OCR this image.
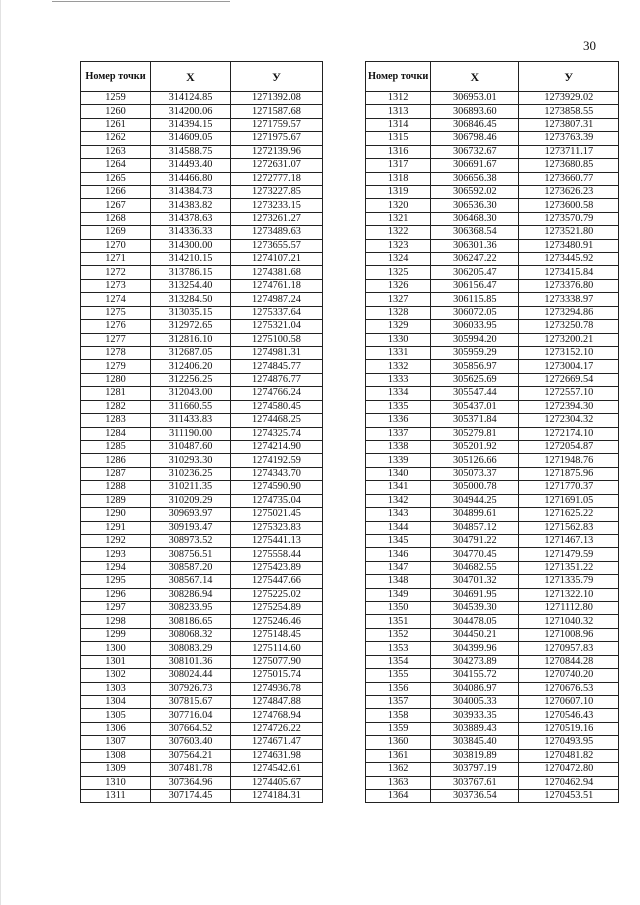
30
Номер точки	X	У
1259	314124.85	1271392.08
1260	314200.06	1271587.68
1261	314394.15	1271759.57
1262	314609.05	1271975.67
1263	314588.75	1272139.96
1264	314493.40	1272631.07
1265	314466.80	1272777.18
1266	314384.73	1273227.85
1267	314383.82	1273233.15
1268	314378.63	1273261.27
1269	314336.33	1273489.63
1270	314300.00	1273655.57
1271	314210.15	1274107.21
1272	313786.15	1274381.68
1273	313254.40	1274761.18
1274	313284.50	1274987.24
1275	313035.15	1275337.64
1276	312972.65	1275321.04
1277	312816.10	1275100.58
1278	312687.05	1274981.31
1279	312406.20	1274845.77
1280	312256.25	1274876.77
1281	312043.00	1274766.24
1282	311660.55	1274580.45
1283	311433.83	1274468.25
1284	311190.00	1274325.74
1285	310487.60	1274214.90
1286	310293.30	1274192.59
1287	310236.25	1274343.70
1288	310211.35	1274590.90
1289	310209.29	1274735.04
1290	309693.97	1275021.45
1291	309193.47	1275323.83
1292	308973.52	1275441.13
1293	308756.51	1275558.44
1294	308587.20	1275423.89
1295	308567.14	1275447.66
1296	308286.94	1275225.02
1297	308233.95	1275254.89
1298	308186.65	1275246.46
1299	308068.32	1275148.45
1300	308083.29	1275114.60
1301	308101.36	1275077.90
1302	308024.44	1275015.74
1303	307926.73	1274936.78
1304	307815.67	1274847.88
1305	307716.04	1274768.94
1306	307664.52	1274726.22
1307	307603.40	1274671.47
1308	307564.21	1274631.98
1309	307481.78	1274542.61
1310	307364.96	1274405.67
1311	307174.45	1274184.31
Номер точки	X	У
1312	306953.01	1273929.02
1313	306893.60	1273858.55
1314	306846.45	1273807.31
1315	306798.46	1273763.39
1316	306732.67	1273711.17
1317	306691.67	1273680.85
1318	306656.38	1273660.77
1319	306592.02	1273626.23
1320	306536.30	1273600.58
1321	306468.30	1273570.79
1322	306368.54	1273521.80
1323	306301.36	1273480.91
1324	306247.22	1273445.92
1325	306205.47	1273415.84
1326	306156.47	1273376.80
1327	306115.85	1273338.97
1328	306072.05	1273294.86
1329	306033.95	1273250.78
1330	305994.20	1273200.21
1331	305959.29	1273152.10
1332	305856.97	1273004.17
1333	305625.69	1272669.54
1334	305547.44	1272557.10
1335	305437.01	1272394.30
1336	305371.84	1272304.32
1337	305279.81	1272174.10
1338	305201.92	1272054.87
1339	305126.66	1271948.76
1340	305073.37	1271875.96
1341	305000.78	1271770.37
1342	304944.25	1271691.05
1343	304899.61	1271625.22
1344	304857.12	1271562.83
1345	304791.22	1271467.13
1346	304770.45	1271479.59
1347	304682.55	1271351.22
1348	304701.32	1271335.79
1349	304691.95	1271322.10
1350	304539.30	1271112.80
1351	304478.05	1271040.32
1352	304450.21	1271008.96
1353	304399.96	1270957.83
1354	304273.89	1270844.28
1355	304155.72	1270740.20
1356	304086.97	1270676.53
1357	304005.33	1270607.10
1358	303933.35	1270546.43
1359	303889.43	1270519.16
1360	303845.40	1270493.95
1361	303819.89	1270481.82
1362	303797.19	1270472.80
1363	303767.61	1270462.94
1364	303736.54	1270453.51
